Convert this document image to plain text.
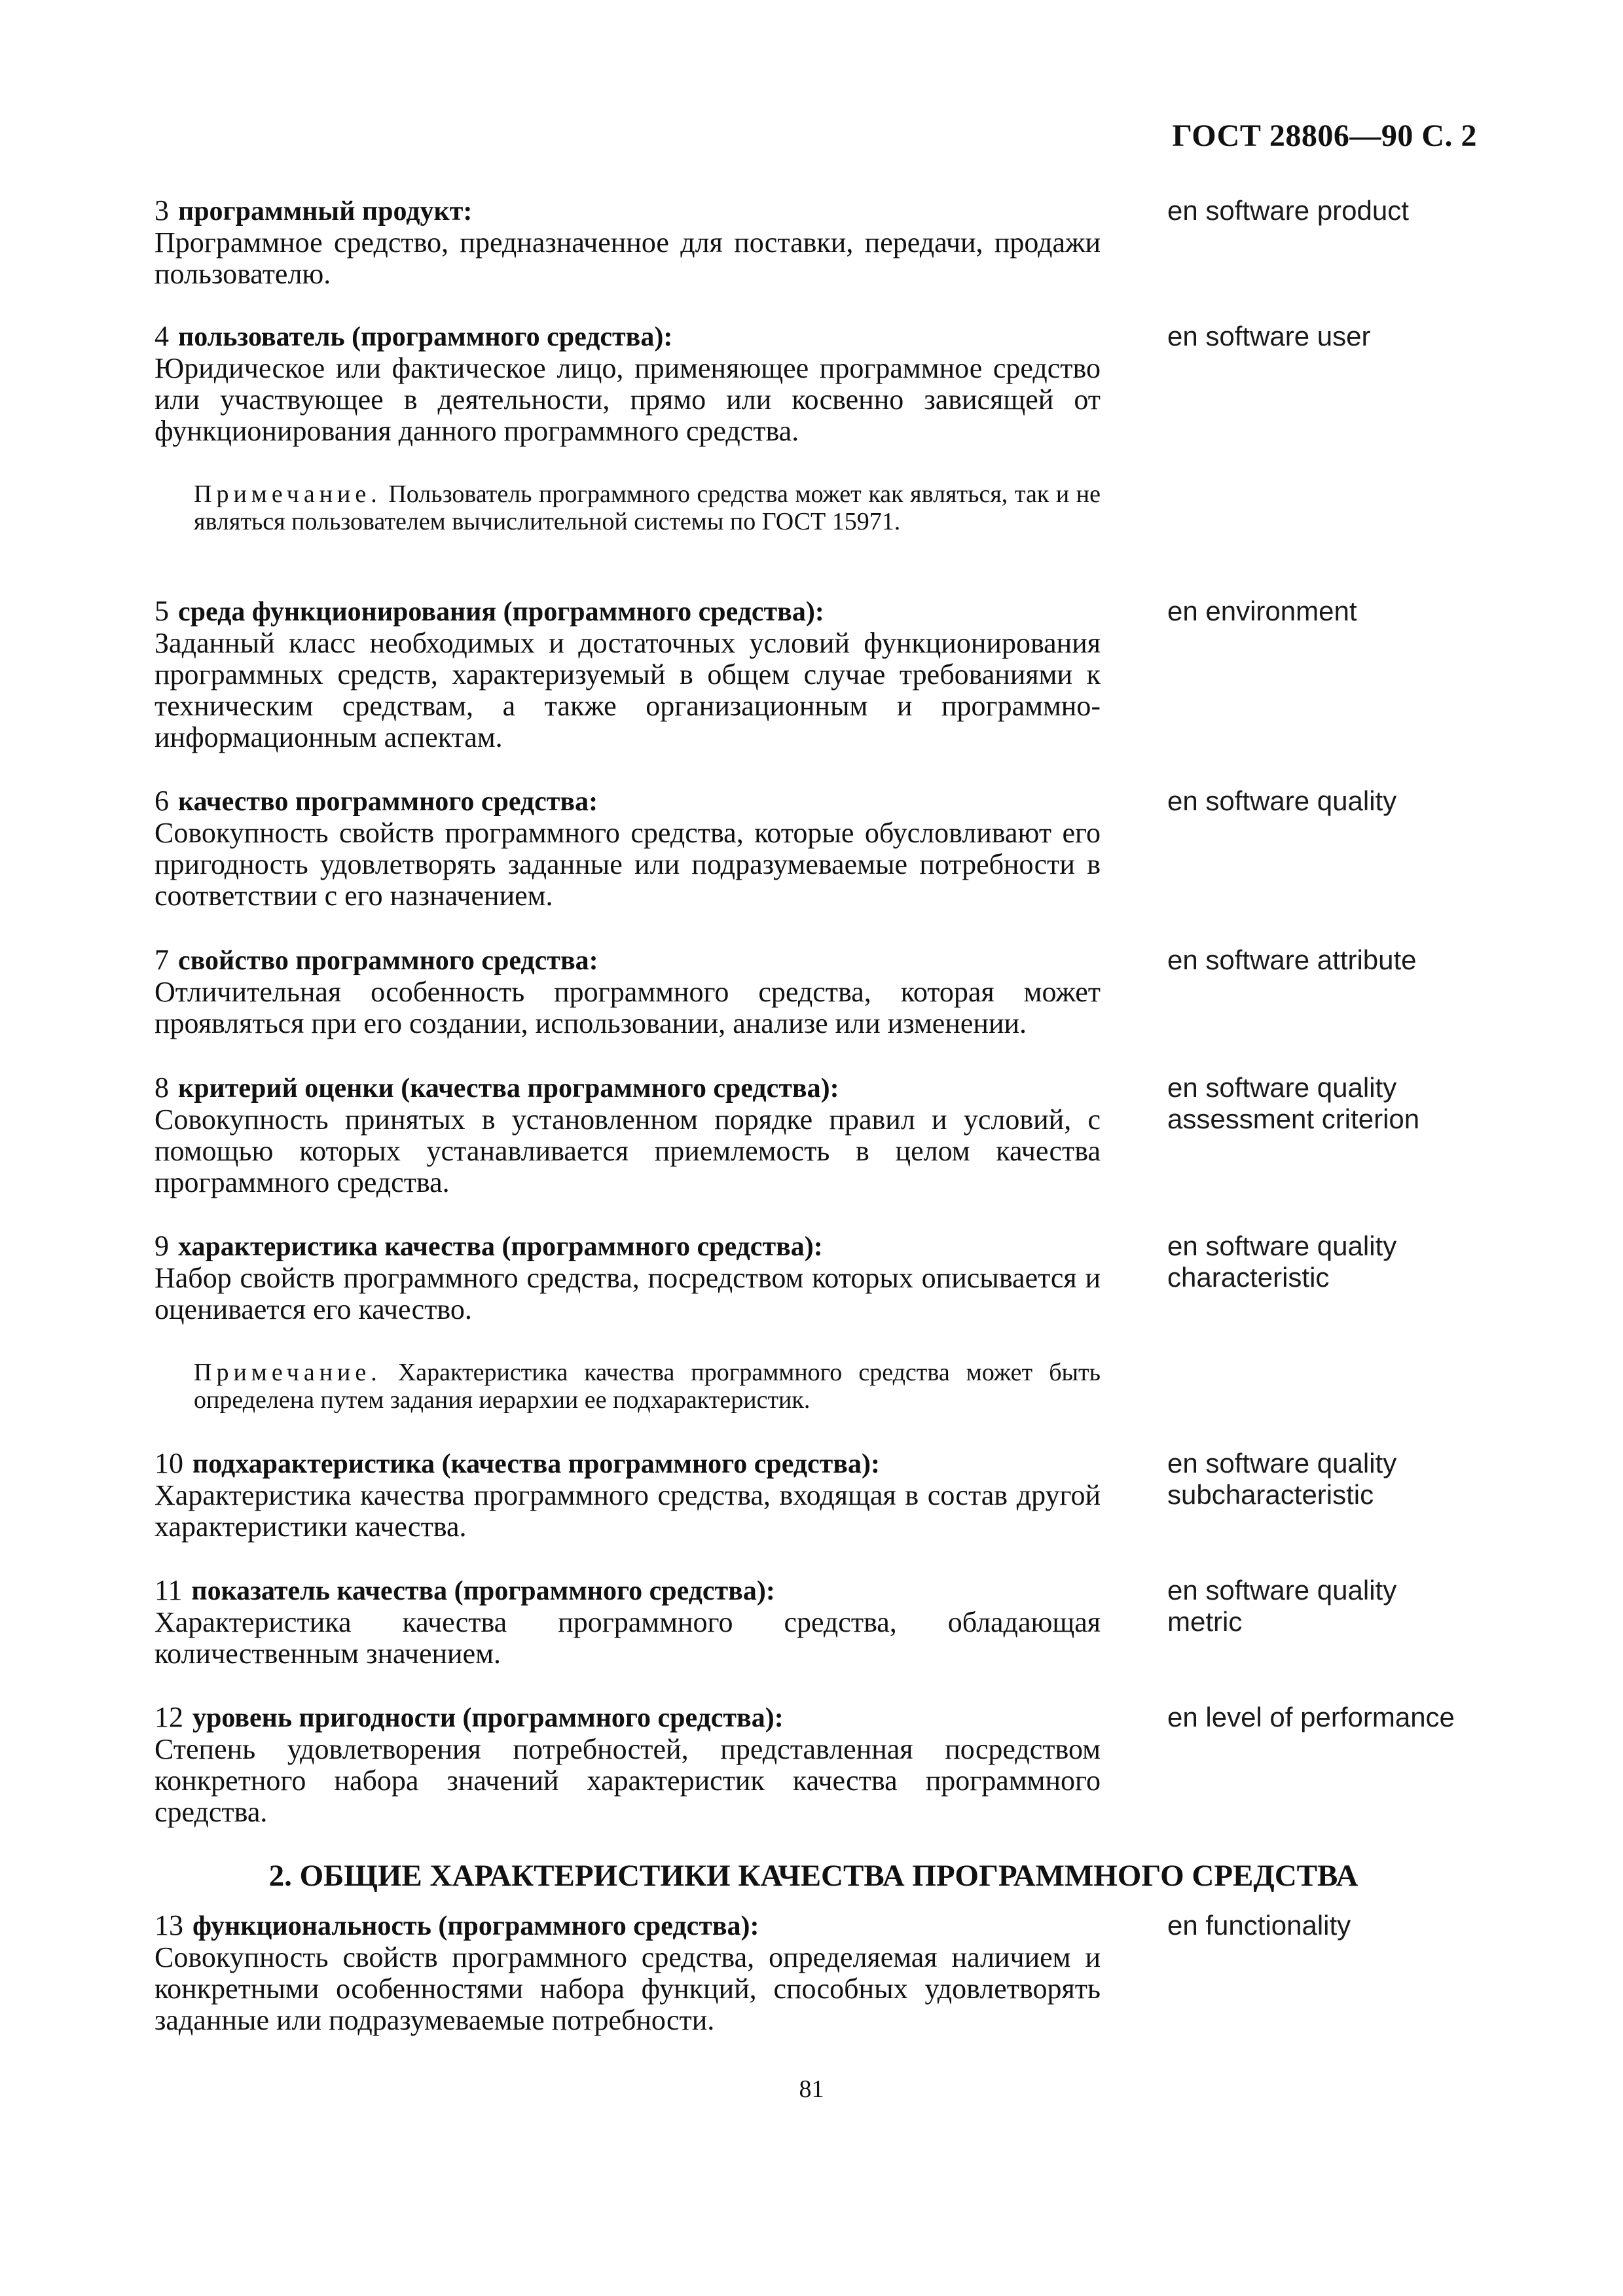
ГОСТ 28806—90 С. 2
3 программный продукт:
Программное средство, предназначенное для поставки, передачи, продажи пользователю.
en software product
4 пользователь (программного средства):
Юридическое или фактическое лицо, применяющее программное средство или участвующее в деятельности, прямо или косвенно зависящей от функционирования данного программного средства.
en software user
Примечание. Пользователь программного средства может как являться, так и не являться пользователем вычислительной системы по ГОСТ 15971.
5 среда функционирования (программного средства):
Заданный класс необходимых и достаточных условий функционирования программных средств, характеризуемый в общем случае требованиями к техническим средствам, а также организационным и программно-информационным аспектам.
en environment
6 качество программного средства:
Совокупность свойств программного средства, которые обусловливают его пригодность удовлетворять заданные или подразумеваемые потребности в соответствии с его назначением.
en software quality
7 свойство программного средства:
Отличительная особенность программного средства, которая может проявляться при его создании, использовании, анализе или изменении.
en software attribute
8 критерий оценки (качества программного средства):
Совокупность принятых в установленном порядке правил и условий, с помощью которых устанавливается приемлемость в целом качества программного средства.
en software quality assessment criterion
9 характеристика качества (программного средства):
Набор свойств программного средства, посредством которых описывается и оценивается его качество.
en software quality characteristic
Примечание. Характеристика качества программного средства может быть определена путем задания иерархии ее подхарактеристик.
10 подхарактеристика (качества программного средства):
Характеристика качества программного средства, входящая в состав другой характеристики качества.
en software quality subcharacteristic
11 показатель качества (программного средства):
Характеристика качества программного средства, обладающая количественным значением.
en software quality metric
12 уровень пригодности (программного средства):
Степень удовлетворения потребностей, представленная посредством конкретного набора значений характеристик качества программного средства.
en level of performance
2. ОБЩИЕ ХАРАКТЕРИСТИКИ КАЧЕСТВА ПРОГРАММНОГО СРЕДСТВА
13 функциональность (программного средства):
Совокупность свойств программного средства, определяемая наличием и конкретными особенностями набора функций, способных удовлетворять заданные или подразумеваемые потребности.
en functionality
81
